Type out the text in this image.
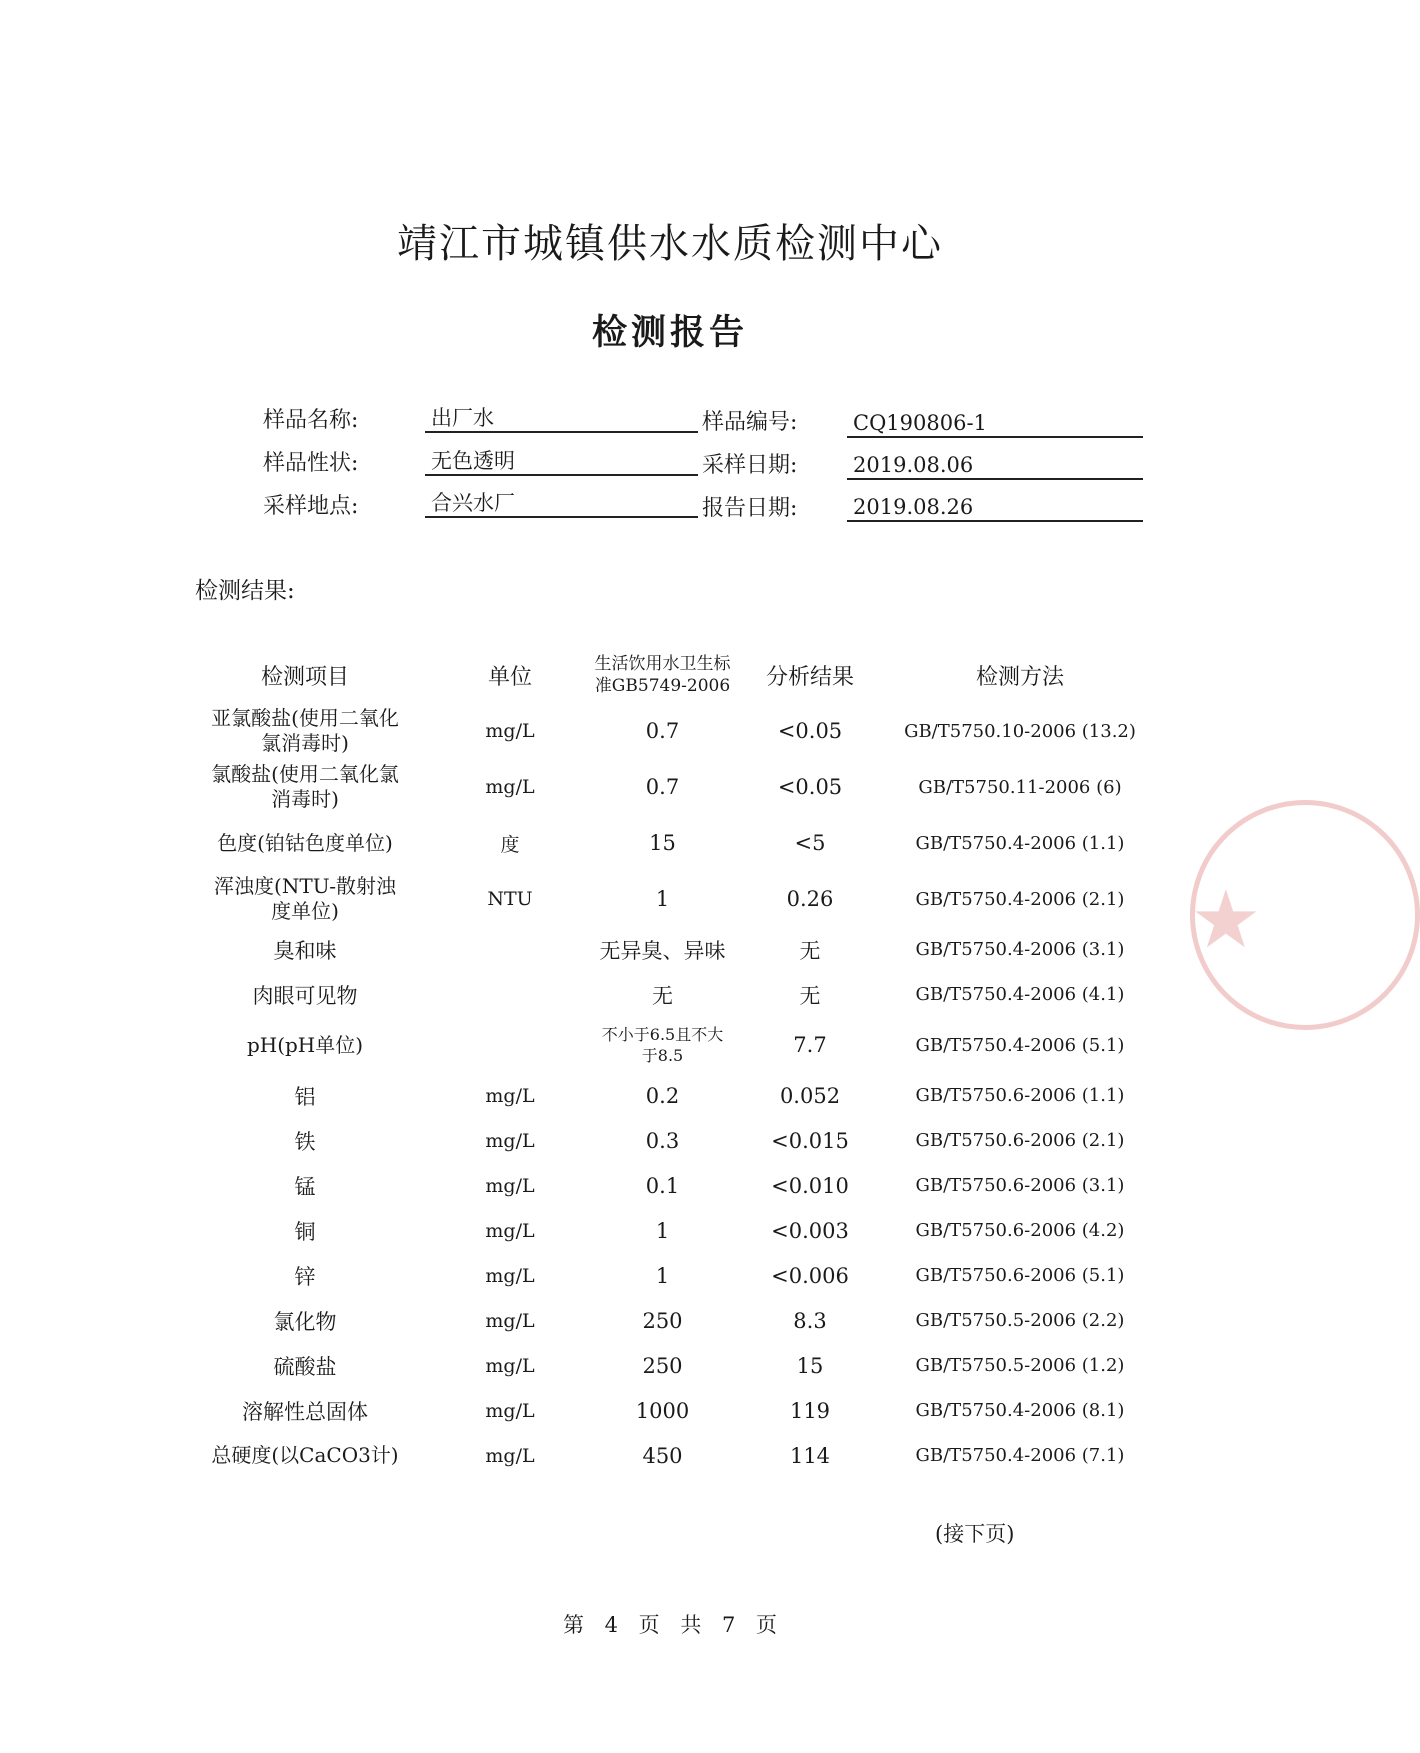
★
靖江市城镇供水水质检测中心
检测报告
样品名称:	出厂水	样品编号:	CQ190806-1
样品性状:	无色透明	采样日期:	2019.08.06
采样地点:	合兴水厂	报告日期:	2019.08.26
检测结果:
检测项目	单位	生活饮用水卫生标准GB5749-2006	分析结果	检测方法
亚氯酸盐(使用二氧化氯消毒时)	mg/L	0.7	<0.05	GB/T5750.10-2006 (13.2)
氯酸盐(使用二氧化氯消毒时)	mg/L	0.7	<0.05	GB/T5750.11-2006 (6)
色度(铂钴色度单位)	度	15	<5	GB/T5750.4-2006 (1.1)
浑浊度(NTU-散射浊度单位)	NTU	1	0.26	GB/T5750.4-2006 (2.1)
臭和味		无异臭、异味	无	GB/T5750.4-2006 (3.1)
肉眼可见物		无	无	GB/T5750.4-2006 (4.1)
pH(pH单位)		不小于6.5且不大于8.5	7.7	GB/T5750.4-2006 (5.1)
铝	mg/L	0.2	0.052	GB/T5750.6-2006 (1.1)
铁	mg/L	0.3	<0.015	GB/T5750.6-2006 (2.1)
锰	mg/L	0.1	<0.010	GB/T5750.6-2006 (3.1)
铜	mg/L	1	<0.003	GB/T5750.6-2006 (4.2)
锌	mg/L	1	<0.006	GB/T5750.6-2006 (5.1)
氯化物	mg/L	250	8.3	GB/T5750.5-2006 (2.2)
硫酸盐	mg/L	250	15	GB/T5750.5-2006 (1.2)
溶解性总固体	mg/L	1000	119	GB/T5750.4-2006 (8.1)
总硬度(以CaCO3计)	mg/L	450	114	GB/T5750.4-2006 (7.1)
(接下页)
第 4 页 共 7 页
